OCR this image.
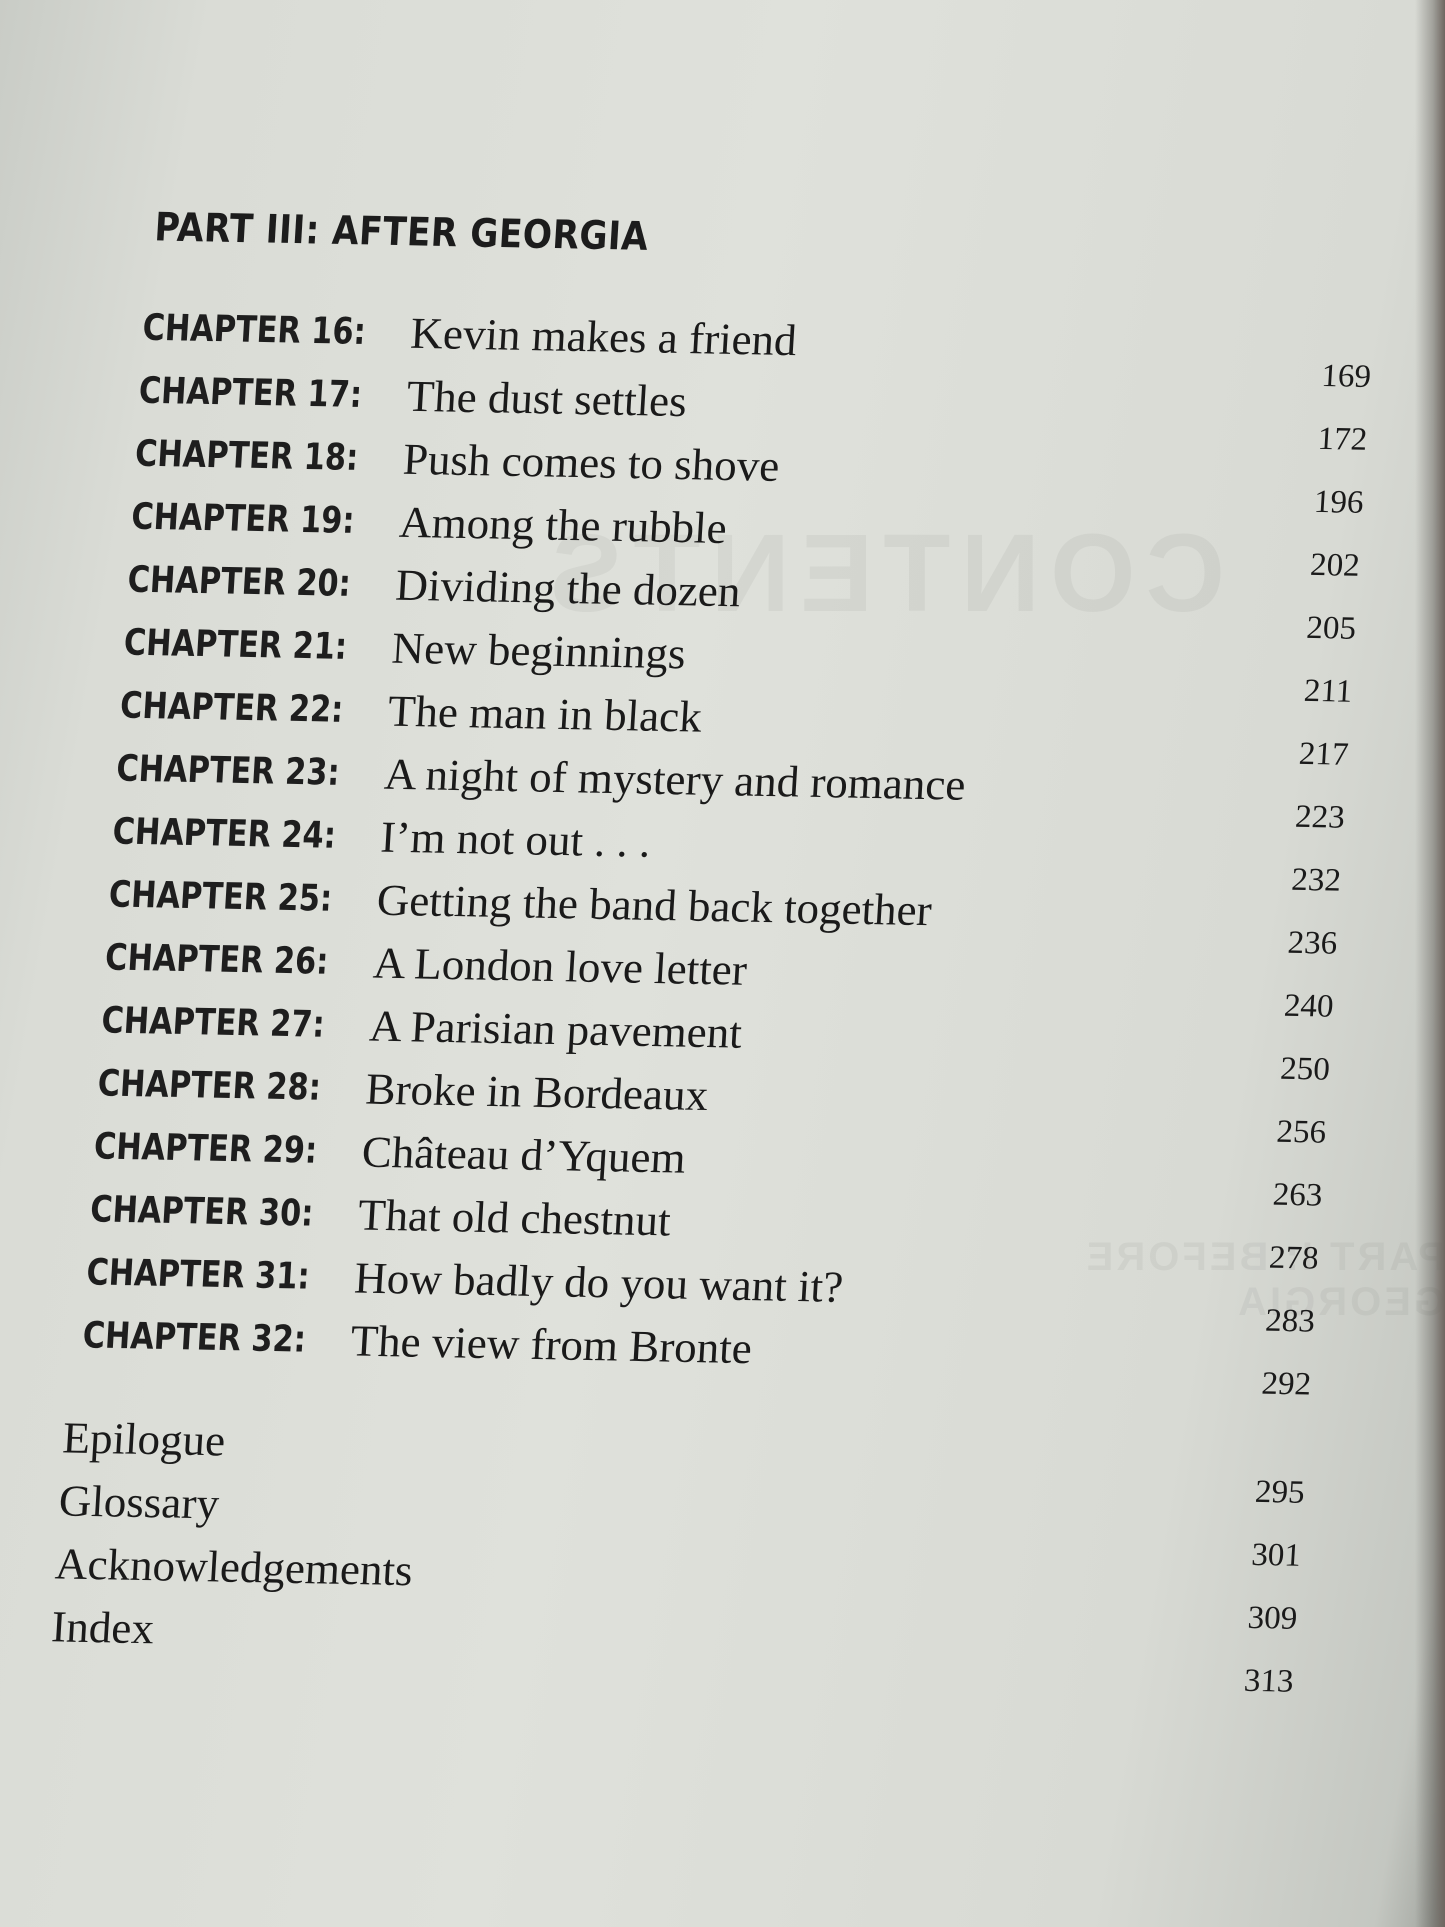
PART III: AFTER GEORGIA
CHAPTER 16: Kevin makes a friend
169
CHAPTER 17: The dust settles
172
CHAPTER 18: Push comes to shove
196
CHAPTER 19: Among the rubble
202
CHAPTER 20: Dividing the dozen
205
CHAPTER 21: New beginnings
211
CHAPTER 22: The man in black
217
CHAPTER 23: A night of mystery and romance
223
CHAPTER 24: I’m not out . . .
232
CHAPTER 25: Getting the band back together
236
CHAPTER 26: A London love letter
240
CHAPTER 27: A Parisian pavement
250
CHAPTER 28: Broke in Bordeaux
256
CHAPTER 29: Château d’Yquem
263
CHAPTER 30: That old chestnut
278
CHAPTER 31: How badly do you want it?
283
CHAPTER 32: The view from Bronte
292
Epilogue
295
Glossary
301
Acknowledgements
309
Index
313
